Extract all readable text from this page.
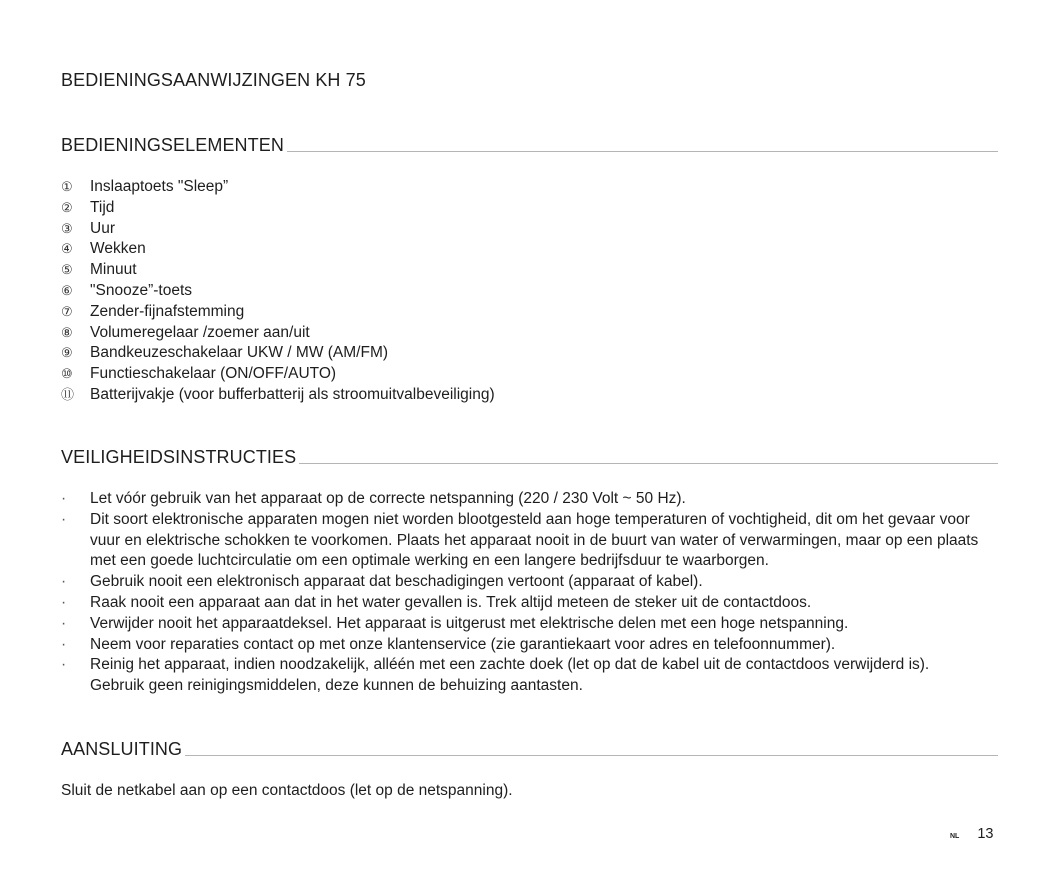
BEDIENINGSAANWIJZINGEN KH 75
BEDIENINGSELEMENTEN
①	Inslaaptoets "Sleep”
②	Tijd
③	Uur
④	Wekken
⑤	Minuut
⑥	"Snooze”-toets
⑦	Zender-fijnafstemming
⑧	Volumeregelaar /zoemer aan/uit
⑨	Bandkeuzeschakelaar UKW / MW (AM/FM)
⑩	Functieschakelaar (ON/OFF/AUTO)
⑪	Batterijvakje (voor bufferbatterij als stroomuitvalbeveiliging)
VEILIGHEIDSINSTRUCTIES
·	Let vóór gebruik van het apparaat op de correcte netspanning (220 / 230 Volt ~ 50 Hz).
·	Dit soort elektronische apparaten mogen niet worden blootgesteld aan hoge temperaturen of vochtigheid, dit om het gevaar voor vuur en elektrische schokken te voorkomen. Plaats het apparaat nooit in de buurt van water of verwarmingen, maar op een plaats met een goede luchtcirculatie om een optimale werking en een langere bedrijfsduur te waarborgen.
·	Gebruik nooit een elektronisch apparaat dat beschadigingen vertoont (apparaat of kabel).
·	Raak nooit een apparaat aan dat in het water gevallen is. Trek altijd meteen de steker uit de contactdoos.
·	Verwijder nooit het apparaatdeksel. Het apparaat is uitgerust met elektrische delen met een hoge netspanning.
·	Neem voor reparaties contact op met onze klantenservice (zie garantiekaart voor adres en telefoonnummer).
·	Reinig het apparaat, indien noodzakelijk, alléén met een zachte doek (let op dat de kabel uit de contactdoos verwijderd is). Gebruik geen reinigingsmiddelen, deze kunnen de behuizing aantasten.
AANSLUITING
Sluit de netkabel aan op een contactdoos (let op de netspanning).
NL 13
